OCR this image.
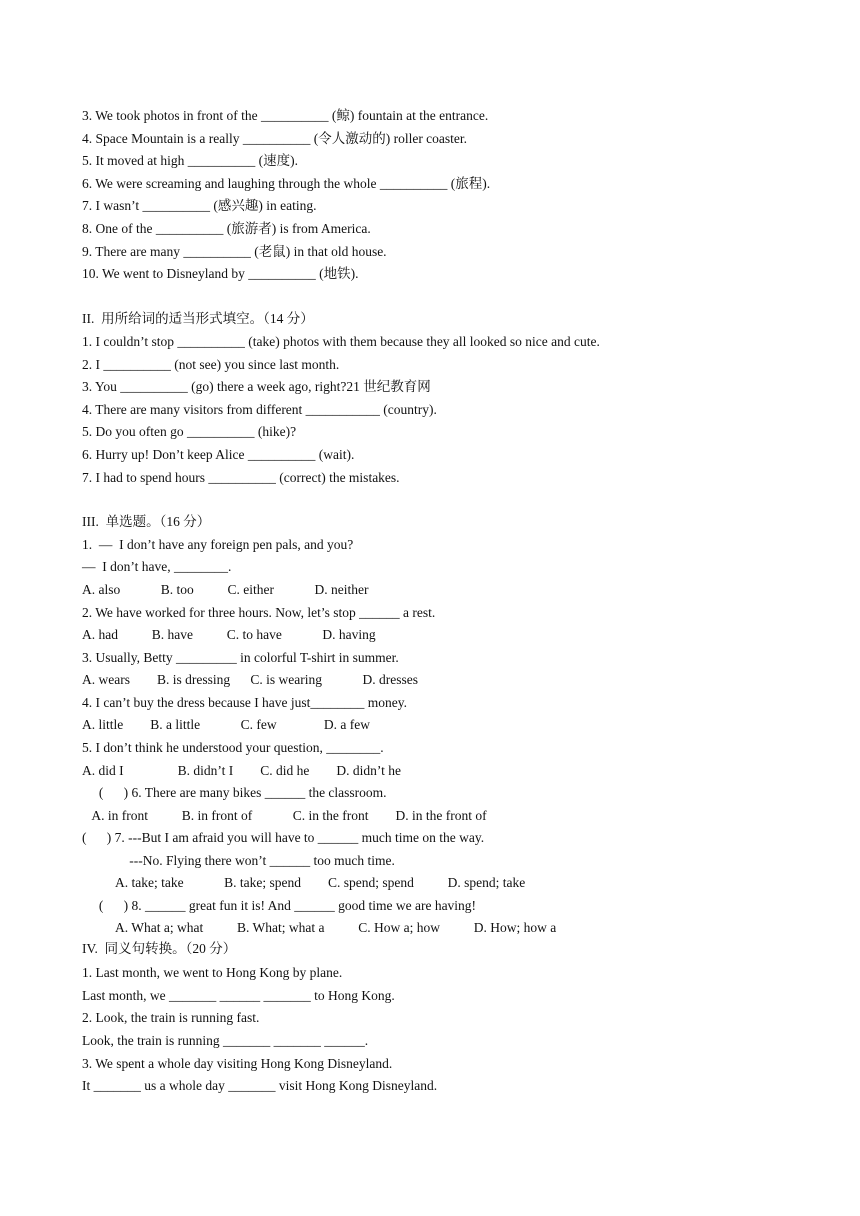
3. We took photos in front of the __________ (鲸) fountain at the entrance.
4. Space Mountain is a really __________ (令人激动的) roller coaster.
5. It moved at high __________ (速度).
6. We were screaming and laughing through the whole __________ (旅程).
7. I wasn’t __________ (感兴趣) in eating.
8. One of the __________ (旅游者) is from America.
9. There are many __________ (老鼠) in that old house.
10. We went to Disneyland by __________ (地铁).
II.  用所给词的适当形式填空。（14 分）
1. I couldn’t stop __________ (take) photos with them because they all looked so nice and cute.
2. I __________ (not see) you since last month.
3. You __________ (go) there a week ago, right?21 世纪教育网
4. There are many visitors from different ___________ (country).
5. Do you often go __________ (hike)?
6. Hurry up! Don’t keep Alice __________ (wait).
7. I had to spend hours __________ (correct) the mistakes.
III.  单选题。（16 分）
1.  —  I don’t have any foreign pen pals, and you?
—  I don’t have, ________.
A. also            B. too          C. either            D. neither
2. We have worked for three hours. Now, let’s stop ______ a rest.
A. had          B. have          C. to have            D. having
3. Usually, Betty _________ in colorful T-shirt in summer.
A. wears        B. is dressing      C. is wearing            D. dresses
4. I can’t buy the dress because I have just________ money.
A. little        B. a little            C. few              D. a few
5. I don’t think he understood your question, ________.
A. did I                B. didn’t I        C. did he        D. didn’t he
(      ) 6. There are many bikes ______ the classroom.
A. in front          B. in front of            C. in the front        D. in the front of
(      ) 7. ---But I am afraid you will have to ______ much time on the way.
---No. Flying there won’t ______ too much time.
A. take; take            B. take; spend        C. spend; spend          D. spend; take
(      ) 8. ______ great fun it is! And ______ good time we are having!
A. What a; what          B. What; what a          C. How a; how          D. How; how a
IV.  同义句转换。（20 分）
1. Last month, we went to Hong Kong by plane.
Last month, we _______ ______ _______ to Hong Kong.
2. Look, the train is running fast.
Look, the train is running _______ _______ ______.
3. We spent a whole day visiting Hong Kong Disneyland.
It _______ us a whole day _______ visit Hong Kong Disneyland.
